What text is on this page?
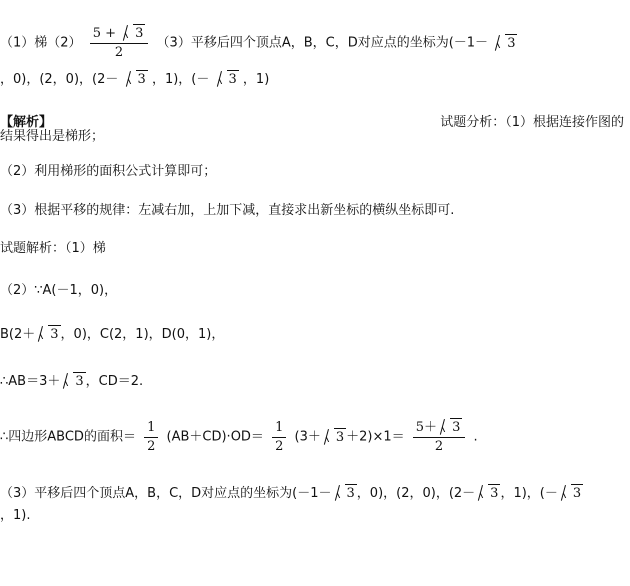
（1）梯$(2) \frac{5 + 3}{2} (3)$平移后四个顶点A，B，C，D对应点的坐标为(－1－ 3
，0)，(2，0)，(2－ 3 ，1)，(－ 3 ，1)
【解析】	试题分析：（1）根据连接作图的
结果得出是梯形；
（2）利用梯形的面积公式计算即可；
（3）根据平移的规律：左减右加，上加下减，直接求出新坐标的横纵坐标即可.
试题解析：（1）梯
（2）∵A(－1，0)，
B(2＋ 3 ，0)，C(2，1)，D(0，1)，
∴AB＝3＋ 3 ，CD＝2.
∴四边形ABCD的面积＝ $\frac{1}{2} (AB+CD)\cdot OD= \frac{1}{2} (3+ 3 +2)\times 1= \frac{5+ 3}{2}$ .
（3）平移后四个顶点A，B，C，D对应点的坐标为(－1－ 3 ，0)，(2，0)，(2－ 3 ，1)，(－ 3
，1).
